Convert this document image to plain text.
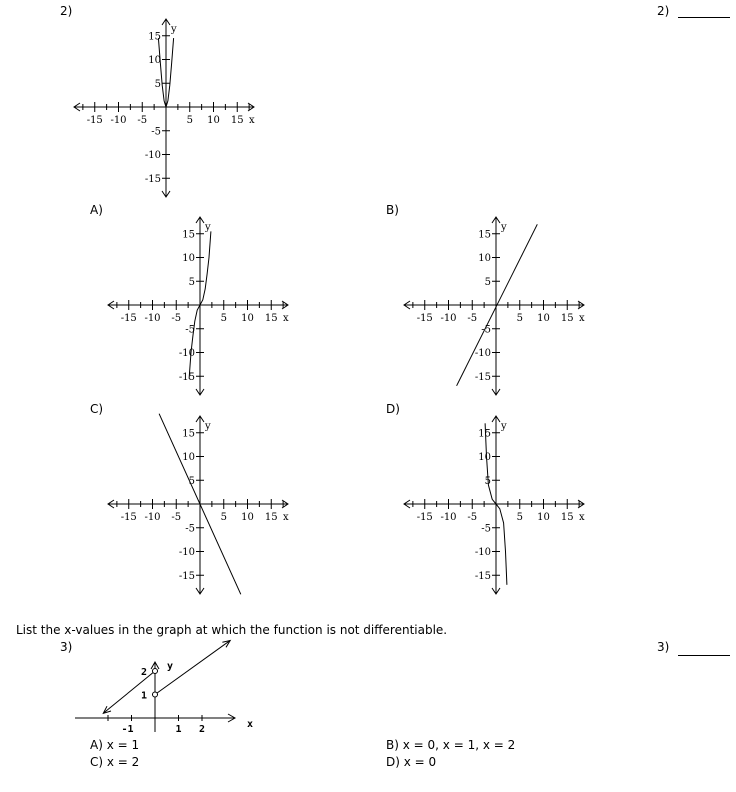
2)	2)
-15 -10 -5	5 10 15
15
10
5
-5
-10
-15
x
y
A)	B)
C)	D)
-15 -10 -5	5 10 15
15
10
5
-5
-10
-15
x
y
-15 -10 -5	5 10 15
15
10
5
-5
-10
-15
x
y
-15 -10 -5	5 10 15
15
10
5
-5
-10
-15
x
y
-15 -10 -5	5 10 15
15
10
5
-5
-10
-15
x
y
List the x-values in the graph at which the function is not differentiable.
3)	3)
-1	1 2
2
1
x
y
A) x = 1	B) x = 0, x = 1, x = 2
C) x = 2	D) x = 0
